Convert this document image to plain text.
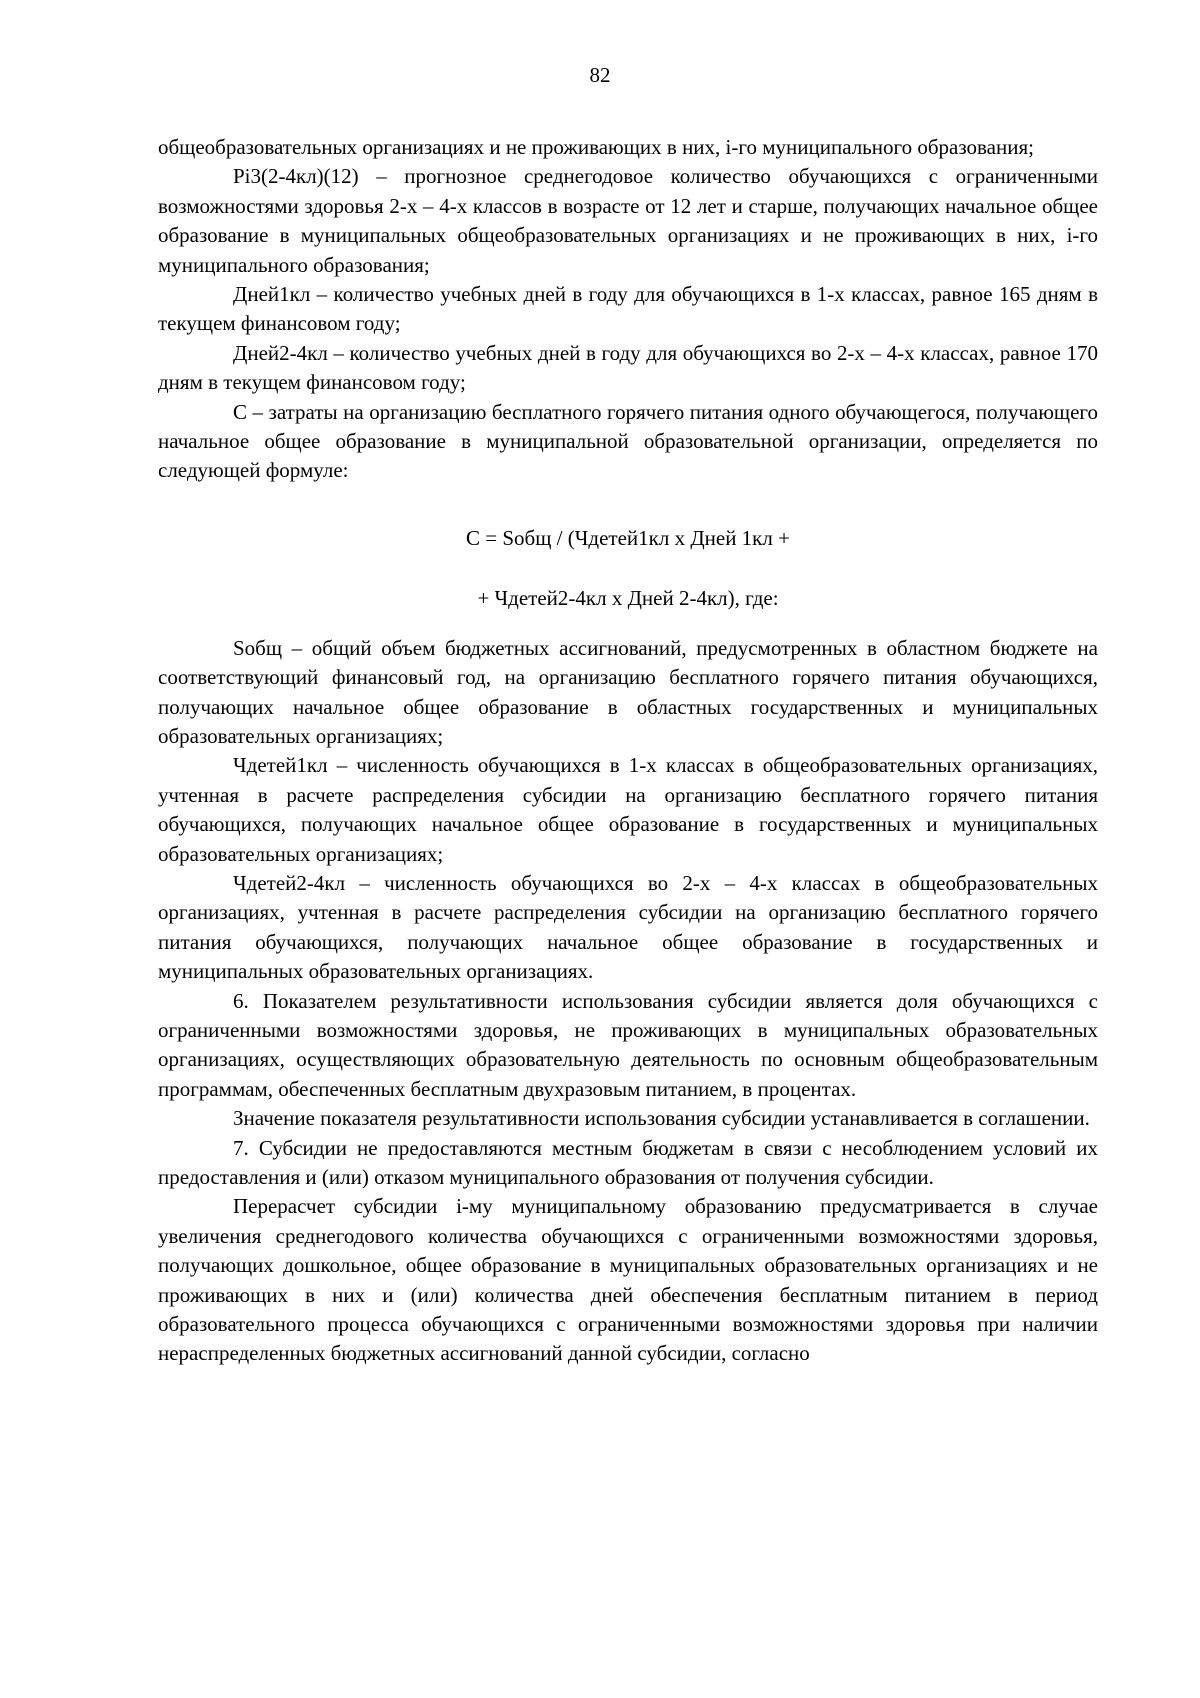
82

общеобразовательных организациях и не проживающих в них, i-го муниципального образования;

Pi3(2-4кл)(12) – прогнозное среднегодовое количество обучающихся с ограниченными возможностями здоровья 2-х – 4-х классов в возрасте от 12 лет и старше, получающих начальное общее образование в муниципальных общеобразовательных организациях и не проживающих в них, i-го муниципального образования;

Дней1кл – количество учебных дней в году для обучающихся в 1-х классах, равное 165 дням в текущем финансовом году;

Дней2-4кл – количество учебных дней в году для обучающихся во 2-х – 4-х классах, равное 170 дням в текущем финансовом году;

С – затраты на организацию бесплатного горячего питания одного обучающегося, получающего начальное общее образование в муниципальной образовательной организации, определяется по следующей формуле:

С = Sобщ / (Чдетей1кл x Дней 1кл +

+ Чдетей2-4кл x Дней 2-4кл), где:

Sобщ – общий объем бюджетных ассигнований, предусмотренных в областном бюджете на соответствующий финансовый год, на организацию бесплатного горячего питания обучающихся, получающих начальное общее образование в областных государственных и муниципальных образовательных организациях;

Чдетей1кл – численность обучающихся в 1-х классах в общеобразовательных организациях, учтенная в расчете распределения субсидии на организацию бесплатного горячего питания обучающихся, получающих начальное общее образование в государственных и муниципальных образовательных организациях;

Чдетей2-4кл – численность обучающихся во 2-х – 4-х классах в общеобразовательных организациях, учтенная в расчете распределения субсидии на организацию бесплатного горячего питания обучающихся, получающих начальное общее образование в государственных и муниципальных образовательных организациях.

6. Показателем результативности использования субсидии является доля обучающихся с ограниченными возможностями здоровья, не проживающих в муниципальных образовательных организациях, осуществляющих образовательную деятельность по основным общеобразовательным программам, обеспеченных бесплатным двухразовым питанием, в процентах.

Значение показателя результативности использования субсидии устанавливается в соглашении.

7. Субсидии не предоставляются местным бюджетам в связи с несоблюдением условий их предоставления и (или) отказом муниципального образования от получения субсидии.

Перерасчет субсидии i-му муниципальному образованию предусматривается в случае увеличения среднегодового количества обучающихся с ограниченными возможностями здоровья, получающих дошкольное, общее образование в муниципальных образовательных организациях и не проживающих в них и (или) количества дней обеспечения бесплатным питанием в период образовательного процесса обучающихся с ограниченными возможностями здоровья при наличии нераспределенных бюджетных ассигнований данной субсидии, согласно
